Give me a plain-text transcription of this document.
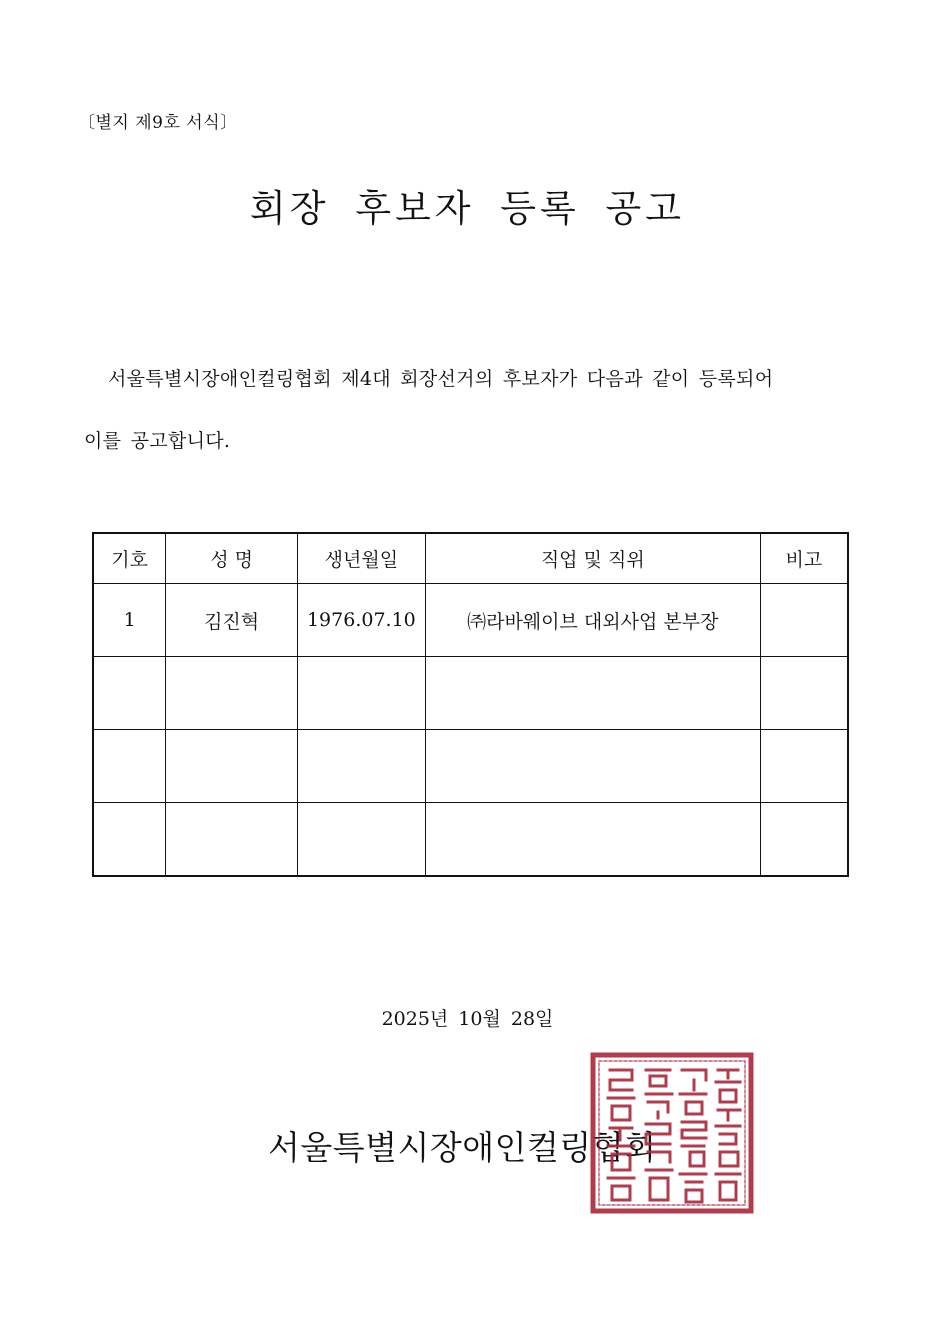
〔별지 제9호 서식〕
회장 후보자 등록 공고
서울특별시장애인컬링협회 제4대 회장선거의 후보자가 다음과 같이 등록되어
이를 공고합니다.
기호	성 명	생년월일	직업 및 직위	비고
1	김진혁	1976.07.10	㈜라바웨이브 대외사업 본부장	

2025년 10월 28일
서울특별시장애인컬링협회
